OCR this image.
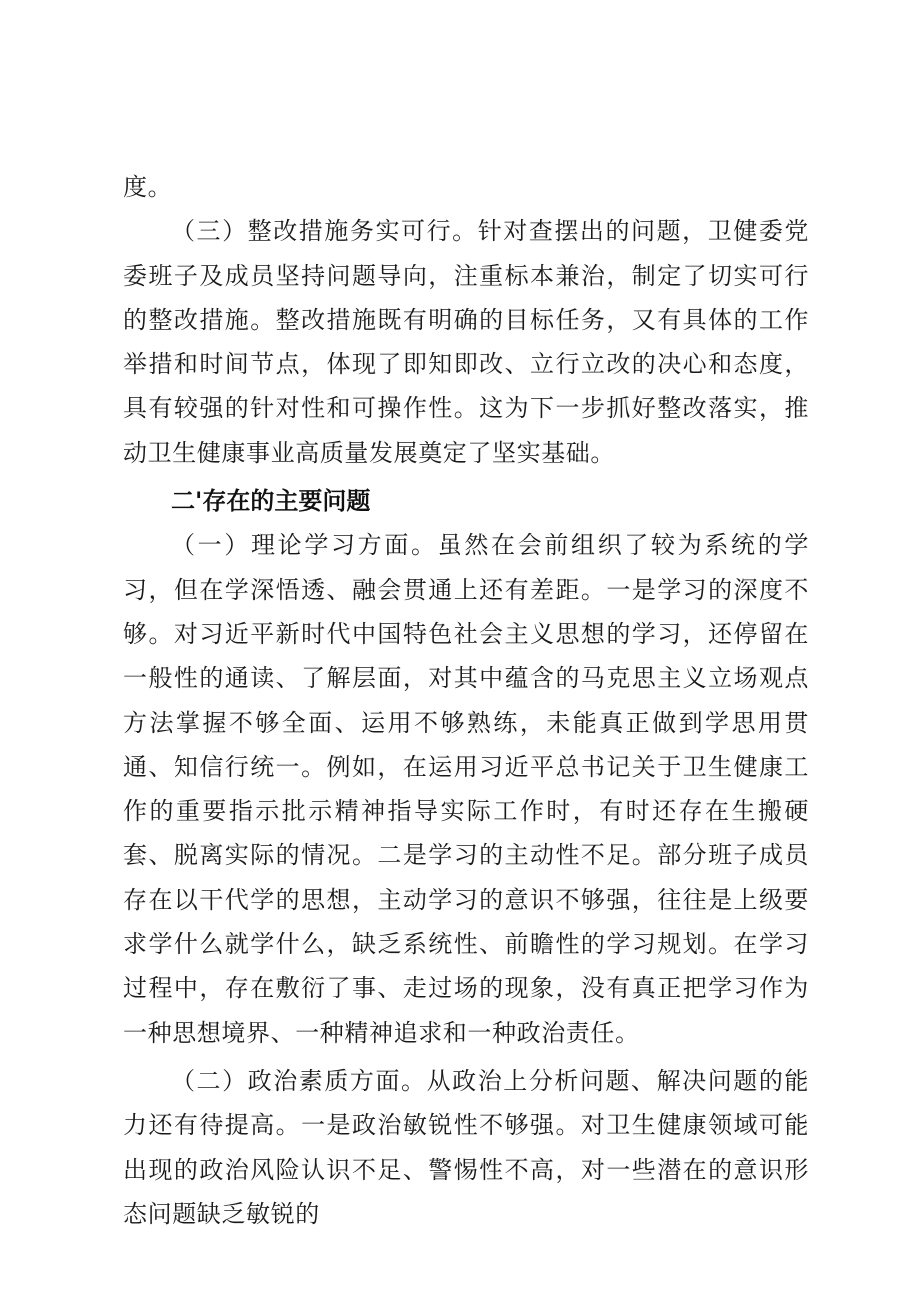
度。

（三）整改措施务实可行。针对查摆出的问题，卫健委党委班子及成员坚持问题导向，注重标本兼治，制定了切实可行的整改措施。整改措施既有明确的目标任务，又有具体的工作举措和时间节点，体现了即知即改、立行立改的决心和态度，具有较强的针对性和可操作性。这为下一步抓好整改落实，推动卫生健康事业高质量发展奠定了坚实基础。

二'存在的主要问题

（一）理论学习方面。虽然在会前组织了较为系统的学习，但在学深悟透、融会贯通上还有差距。一是学习的深度不够。对习近平新时代中国特色社会主义思想的学习，还停留在一般性的通读、了解层面，对其中蕴含的马克思主义立场观点方法掌握不够全面、运用不够熟练，未能真正做到学思用贯通、知信行统一。例如，在运用习近平总书记关于卫生健康工作的重要指示批示精神指导实际工作时，有时还存在生搬硬套、脱离实际的情况。二是学习的主动性不足。部分班子成员存在以干代学的思想，主动学习的意识不够强，往往是上级要求学什么就学什么，缺乏系统性、前瞻性的学习规划。在学习过程中，存在敷衍了事、走过场的现象，没有真正把学习作为一种思想境界、一种精神追求和一种政治责任。

（二）政治素质方面。从政治上分析问题、解决问题的能力还有待提高。一是政治敏锐性不够强。对卫生健康领域可能出现的政治风险认识不足、警惕性不高，对一些潜在的意识形态问题缺乏敏锐的
